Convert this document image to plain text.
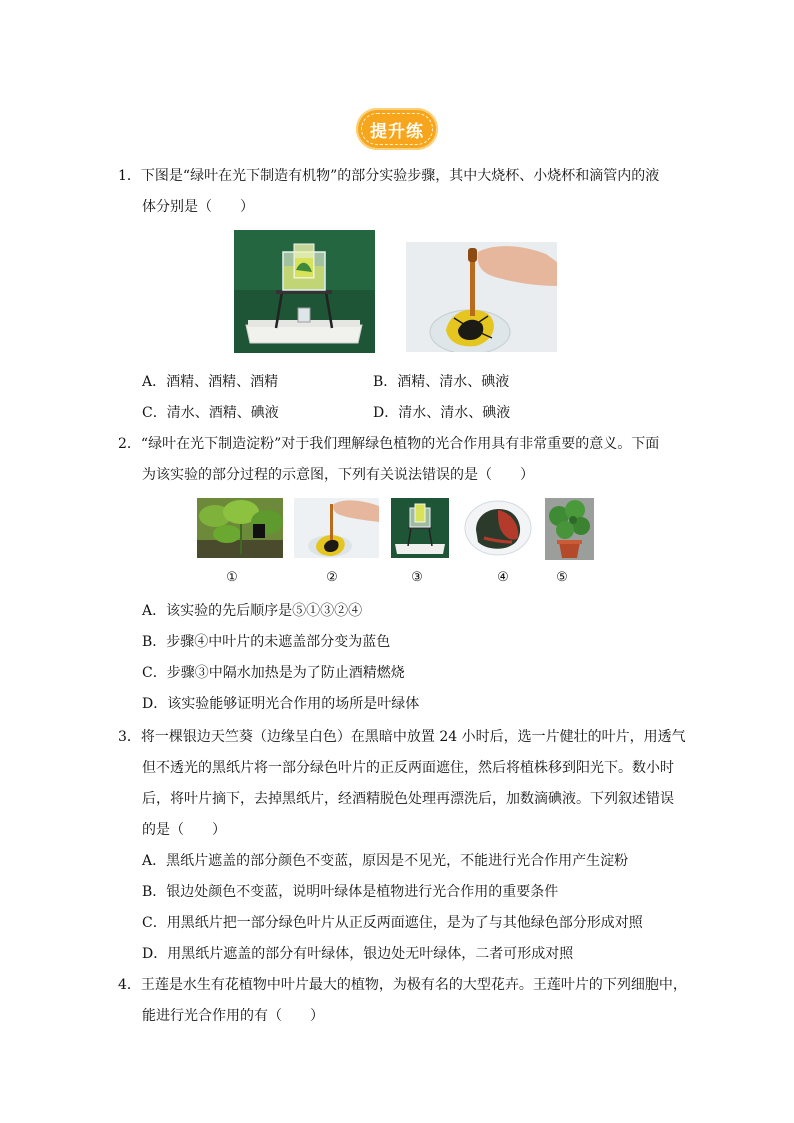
提升练
1．下图是“绿叶在光下制造有机物”的部分实验步骤，其中大烧杯、小烧杯和滴管内的液
体分别是（　　）
A．酒精、酒精、酒精	B．酒精、清水、碘液
C．清水、酒精、碘液	D．清水、清水、碘液
2．“绿叶在光下制造淀粉”对于我们理解绿色植物的光合作用具有非常重要的意义。下面
为该实验的部分过程的示意图，下列有关说法错误的是（　　）
①	②	③	④	⑤
A．该实验的先后顺序是⑤①③②④
B．步骤④中叶片的未遮盖部分变为蓝色
C．步骤③中隔水加热是为了防止酒精燃烧
D．该实验能够证明光合作用的场所是叶绿体
3．将一棵银边天竺葵（边缘呈白色）在黑暗中放置 24 小时后，选一片健壮的叶片，用透气
但不透光的黑纸片将一部分绿色叶片的正反两面遮住，然后将植株移到阳光下。数小时
后，将叶片摘下，去掉黑纸片，经酒精脱色处理再漂洗后，加数滴碘液。下列叙述错误
的是（　　）
A．黑纸片遮盖的部分颜色不变蓝，原因是不见光，不能进行光合作用产生淀粉
B．银边处颜色不变蓝，说明叶绿体是植物进行光合作用的重要条件
C．用黑纸片把一部分绿色叶片从正反两面遮住，是为了与其他绿色部分形成对照
D．用黑纸片遮盖的部分有叶绿体，银边处无叶绿体，二者可形成对照
4．王莲是水生有花植物中叶片最大的植物，为极有名的大型花卉。王莲叶片的下列细胞中，
能进行光合作用的有（　　）
